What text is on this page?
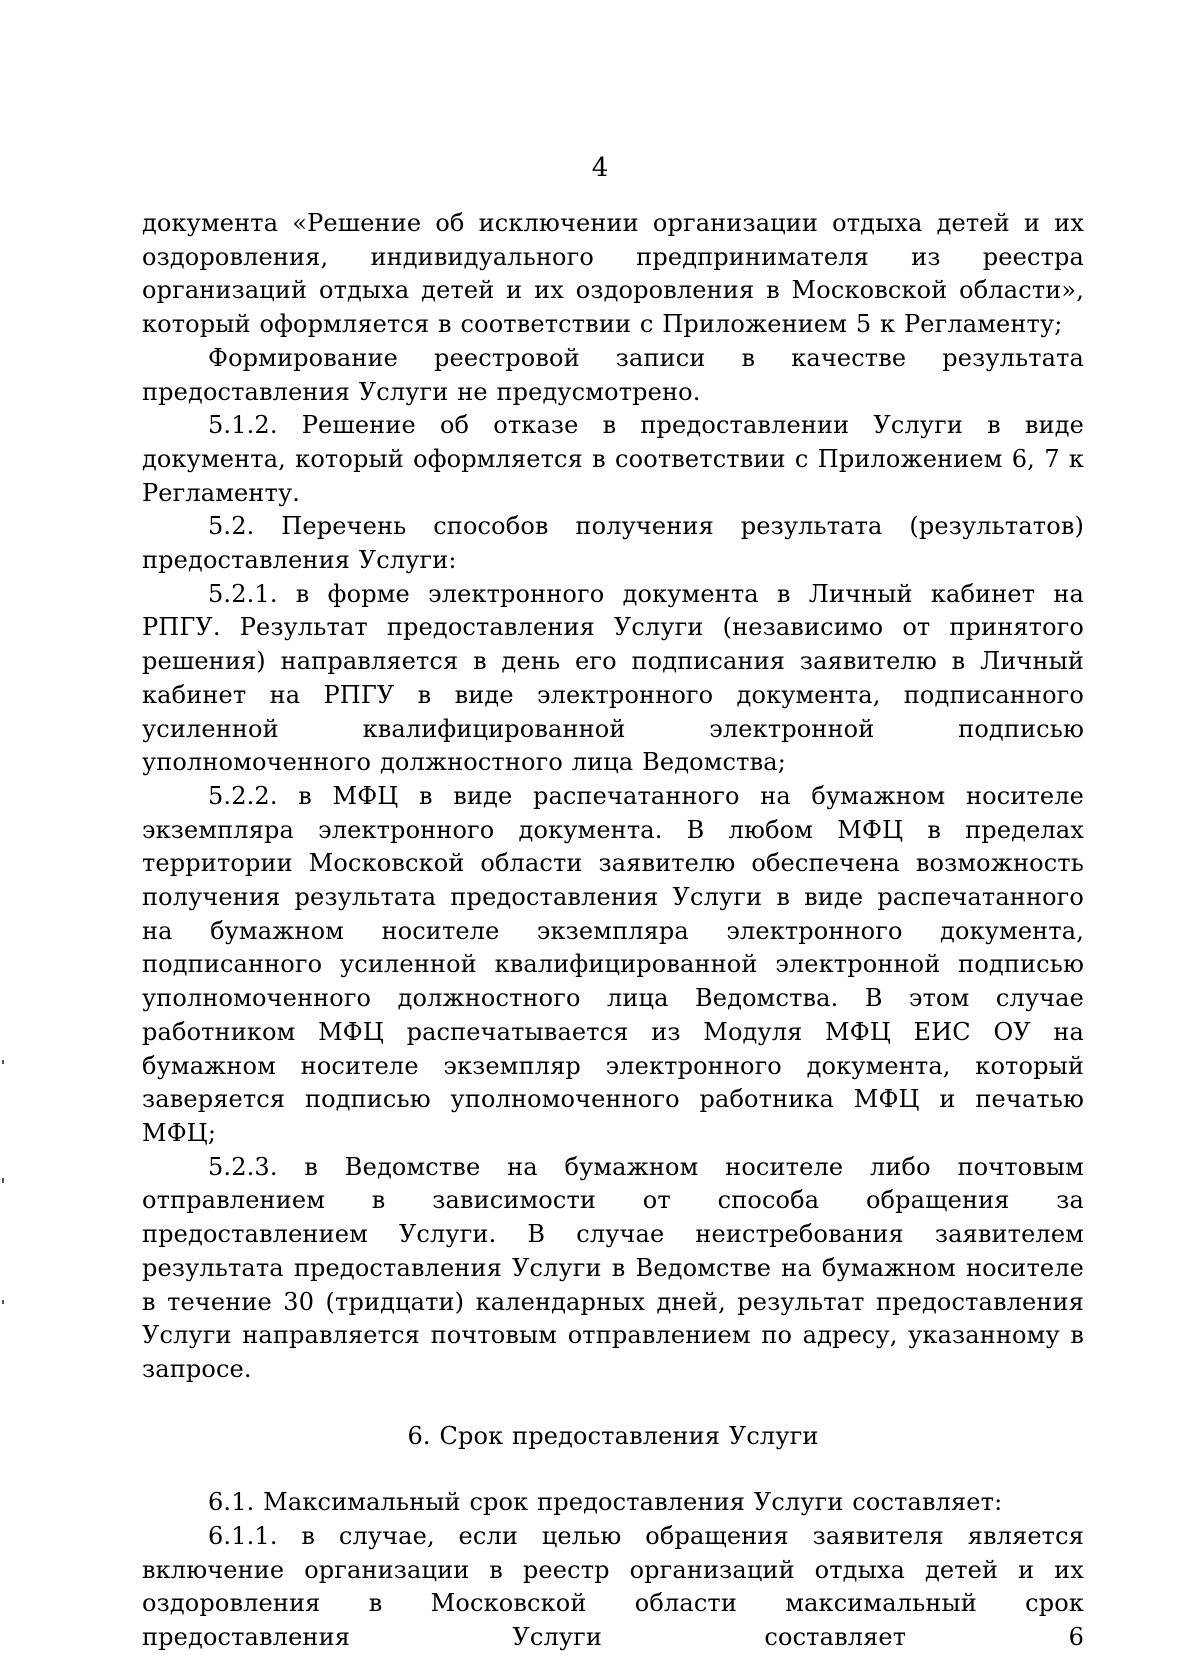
4

документа «Решение об исключении организации отдыха детей и их оздоровления, индивидуального предпринимателя из реестра организаций отдыха детей и их оздоровления в Московской области», который оформляется в соответствии с Приложением 5 к Регламенту;

Формирование реестровой записи в качестве результата предоставления Услуги не предусмотрено.

5.1.2. Решение об отказе в предоставлении Услуги в виде документа, который оформляется в соответствии с Приложением 6, 7 к Регламенту.

5.2. Перечень способов получения результата (результатов) предоставления Услуги:

5.2.1. в форме электронного документа в Личный кабинет на РПГУ. Результат предоставления Услуги (независимо от принятого решения) направляется в день его подписания заявителю в Личный кабинет на РПГУ в виде электронного документа, подписанного усиленной квалифицированной электронной подписью уполномоченного должностного лица Ведомства;

5.2.2. в МФЦ в виде распечатанного на бумажном носителе экземпляра электронного документа. В любом МФЦ в пределах территории Московской области заявителю обеспечена возможность получения результата предоставления Услуги в виде распечатанного на бумажном носителе экземпляра электронного документа, подписанного усиленной квалифицированной электронной подписью уполномоченного должностного лица Ведомства. В этом случае работником МФЦ распечатывается из Модуля МФЦ ЕИС ОУ на бумажном носителе экземпляр электронного документа, который заверяется подписью уполномоченного работника МФЦ и печатью МФЦ;

5.2.3. в Ведомстве на бумажном носителе либо почтовым отправлением в зависимости от способа обращения за предоставлением Услуги. В случае неистребования заявителем результата предоставления Услуги в Ведомстве на бумажном носителе в течение 30 (тридцати) календарных дней, результат предоставления Услуги направляется почтовым отправлением по адресу, указанному в запросе.

6. Срок предоставления Услуги

6.1. Максимальный срок предоставления Услуги составляет:

6.1.1. в случае, если целью обращения заявителя является включение организации в реестр организаций отдыха детей и их оздоровления в Московской области максимальный срок предоставления Услуги составляет 6
